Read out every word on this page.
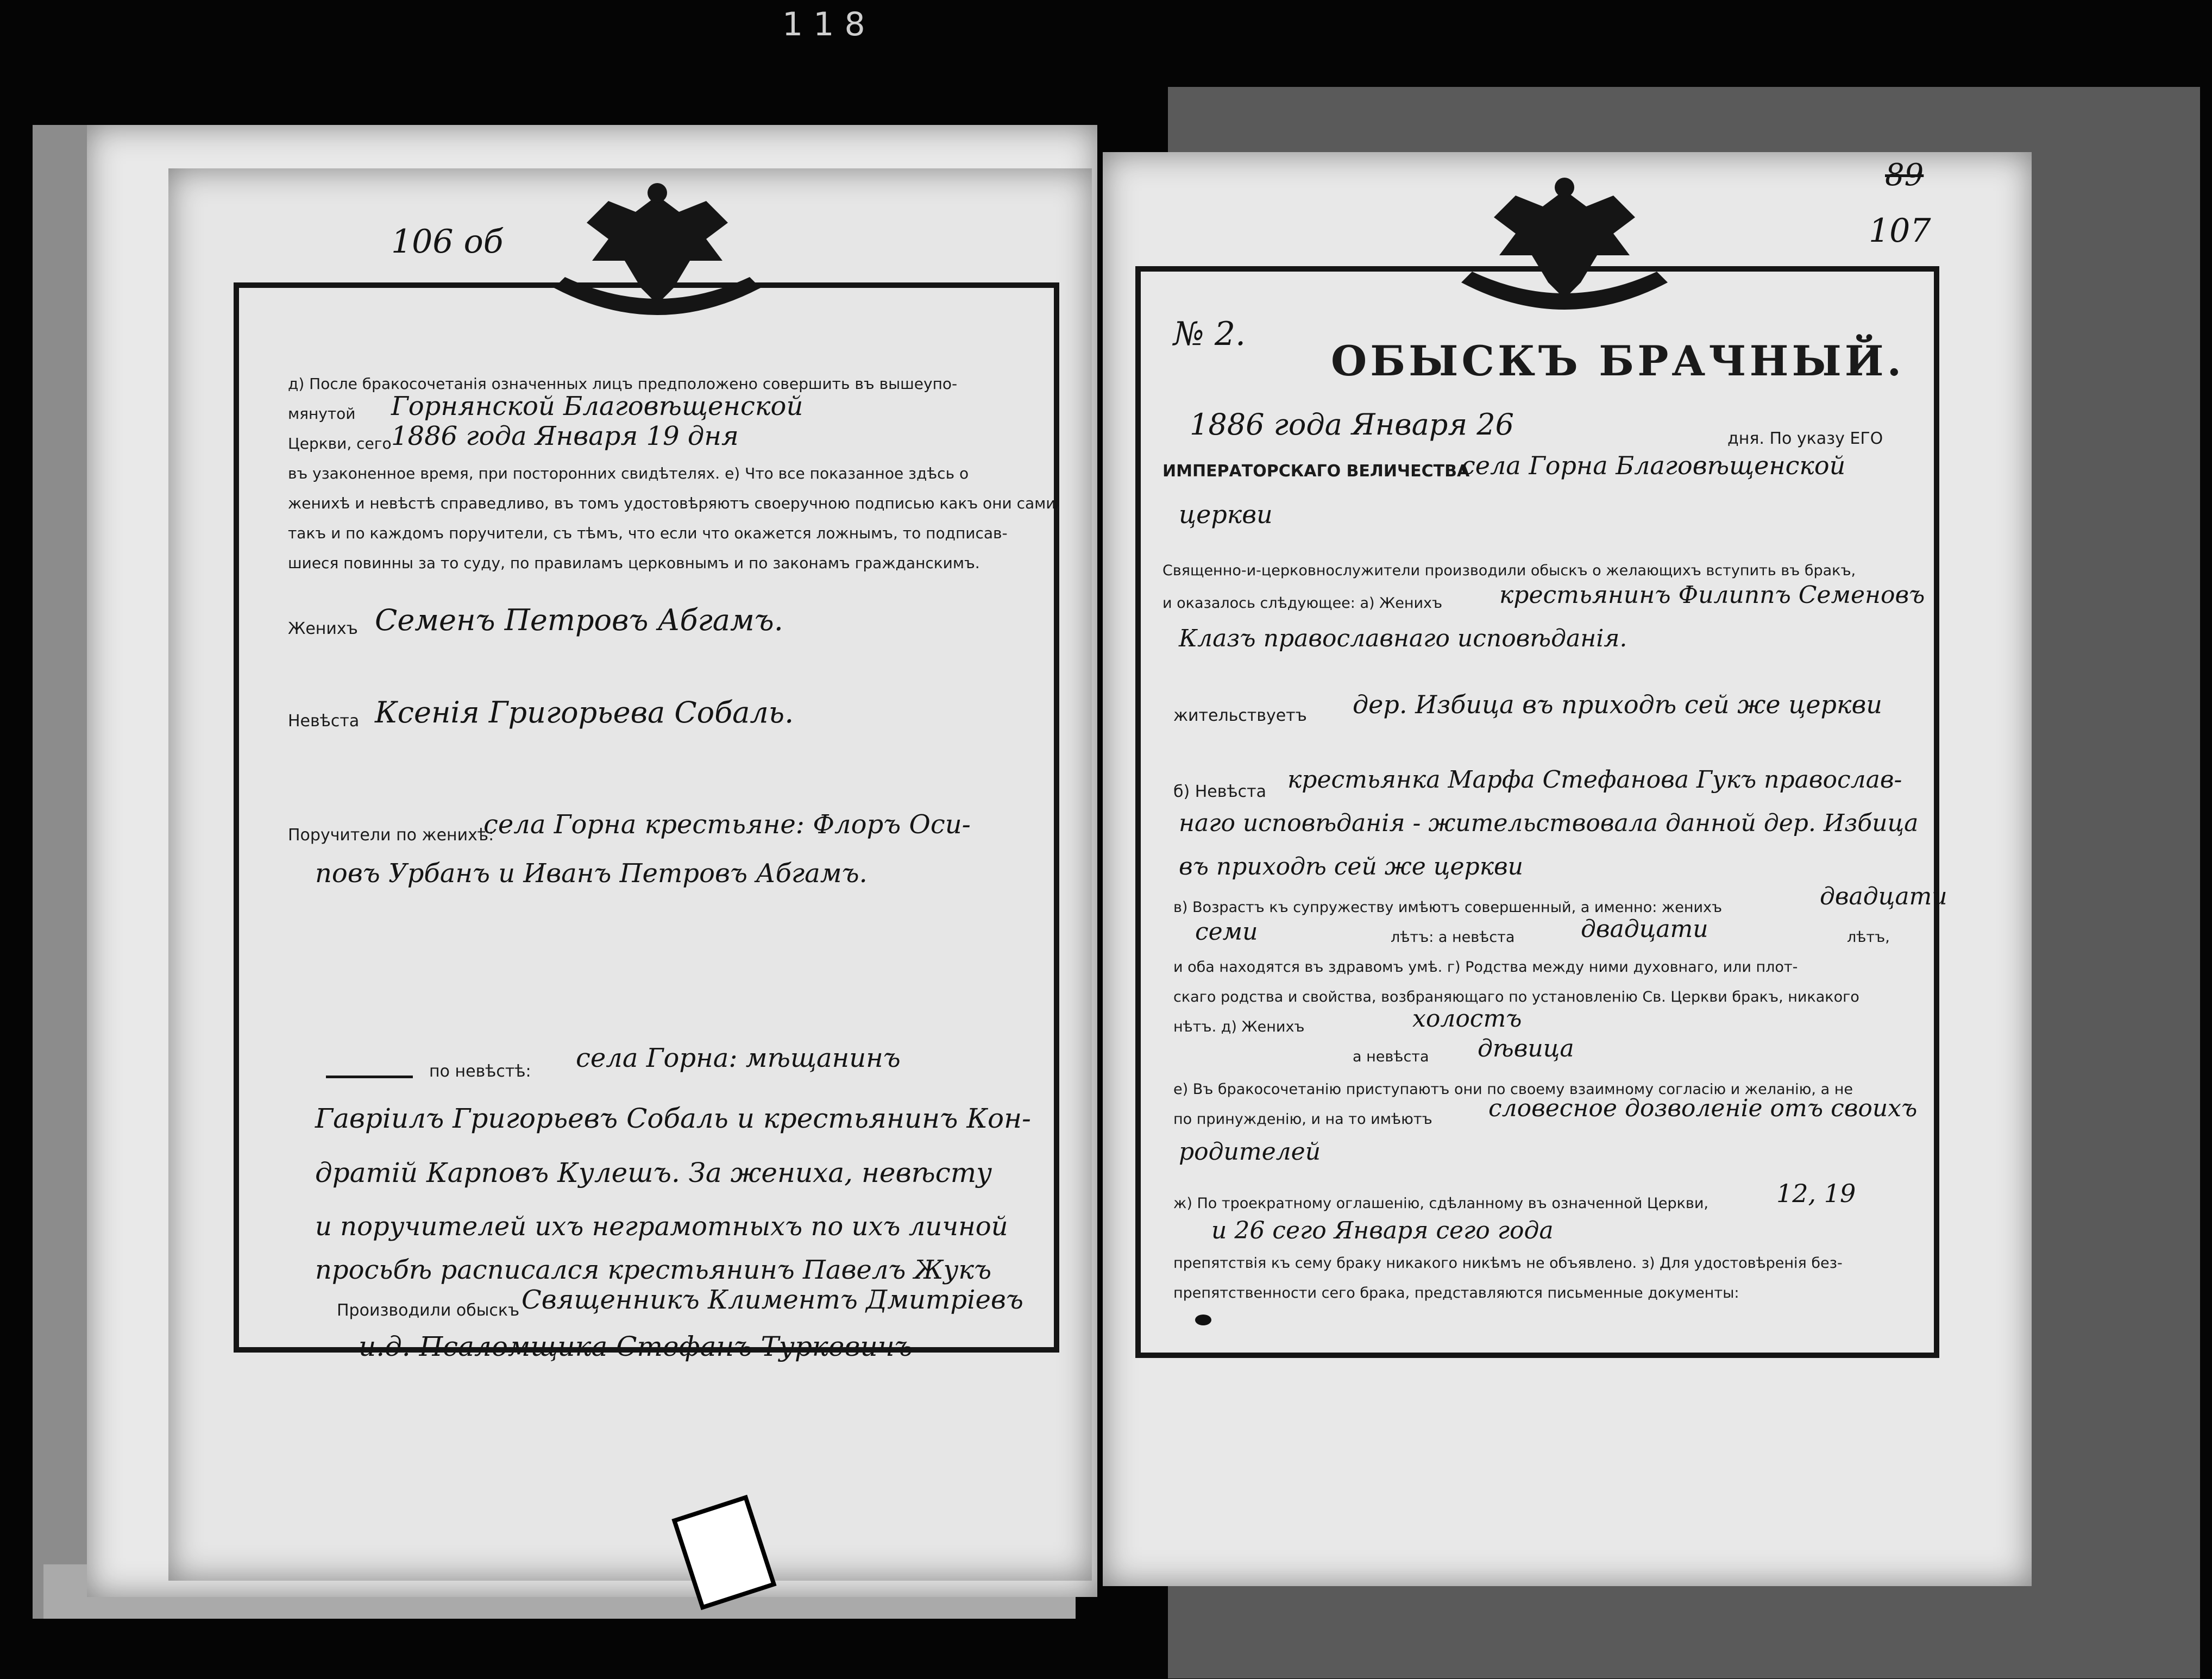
1 1 8
106 об
д) После бракосочетанія означенных лицъ предположено совершить въ вышеупо-
мянутой Горнянской Благовѣщенской
Церкви, сего 1886 года Января 19 дня
въ узаконенное время, при посторонних свидѣтелях. е) Что все показанное здѣсь о
женихѣ и невѣстѣ справедливо, въ томъ удостовѣряютъ своеручною подписью какъ они сами,
такъ и по каждомъ поручители, съ тѣмъ, что если что окажется ложнымъ, то подписав-
шиеся повинны за то суду, по правиламъ церковнымъ и по законамъ гражданскимъ.
Женихъ Семенъ Петровъ Абгамъ.
Невѣста Ксенія Григорьева Собаль.
Поручители по женихѣ:
села Горна крестьяне: Флоръ Оси-
повъ Урбанъ и Иванъ Петровъ Абгамъ.
по невѣстѣ: села Горна: мѣщанинъ
Гавріилъ Григорьевъ Собаль и крестьянинъ Кон-
дратій Карповъ Кулешъ. За жениха, невѣсту
и поручителей ихъ неграмотныхъ по ихъ личной
просьбѣ расписался крестьянинъ Павелъ Жукъ
Производили обыскъ Священникъ Климентъ Дмитріевъ
и.д. Псаломщика Стефанъ Туркевичъ
89
107
№ 2.
ОБЫСКЪ БРАЧНЫЙ.
1886 года Января 26	дня. По указу ЕГО
ИМПЕРАТОРСКАГО ВЕЛИЧЕСТВА
села Горна Благовѣщенской
церкви
Священно-и-церковнослужители производили обыскъ о желающихъ вступить въ бракъ,
и оказалось слѣдующее: а) Женихъ крестьянинъ Филиппъ Семеновъ
Клазъ православнаго исповѣданія.
жительствуетъ дер. Избица въ приходѣ сей же церкви
б) Невѣста крестьянка Марфа Стефанова Гукъ православ-
наго исповѣданія - жительствовала данной дер. Избица
въ приходѣ сей же церкви
в) Возрастъ къ супружеству имѣютъ совершенный, а именно: женихъ	двадцати
семи	лѣтъ: а невѣста	двадцати	лѣтъ,
и оба находятся въ здравомъ умѣ. г) Родства между ними духовнаго, или плот-
скаго родства и свойства, возбраняющаго по установленію Св. Церкви бракъ, никакого
нѣтъ. д) Женихъ	холостъ
а невѣста дѣвица
е) Въ бракосочетанію приступаютъ они по своему взаимному согласію и желанію, а не
по принужденію, и на то имѣютъ словесное дозволеніе отъ своихъ
родителей
ж) По троекратному оглашенію, сдѣланному въ означенной Церкви,	12, 19
и 26 сего Января сего года
препятствія къ сему браку никакого никѣмъ не объявлено. з) Для удостовѣренія без-
препятственности сего брака, представляются письменные документы:
